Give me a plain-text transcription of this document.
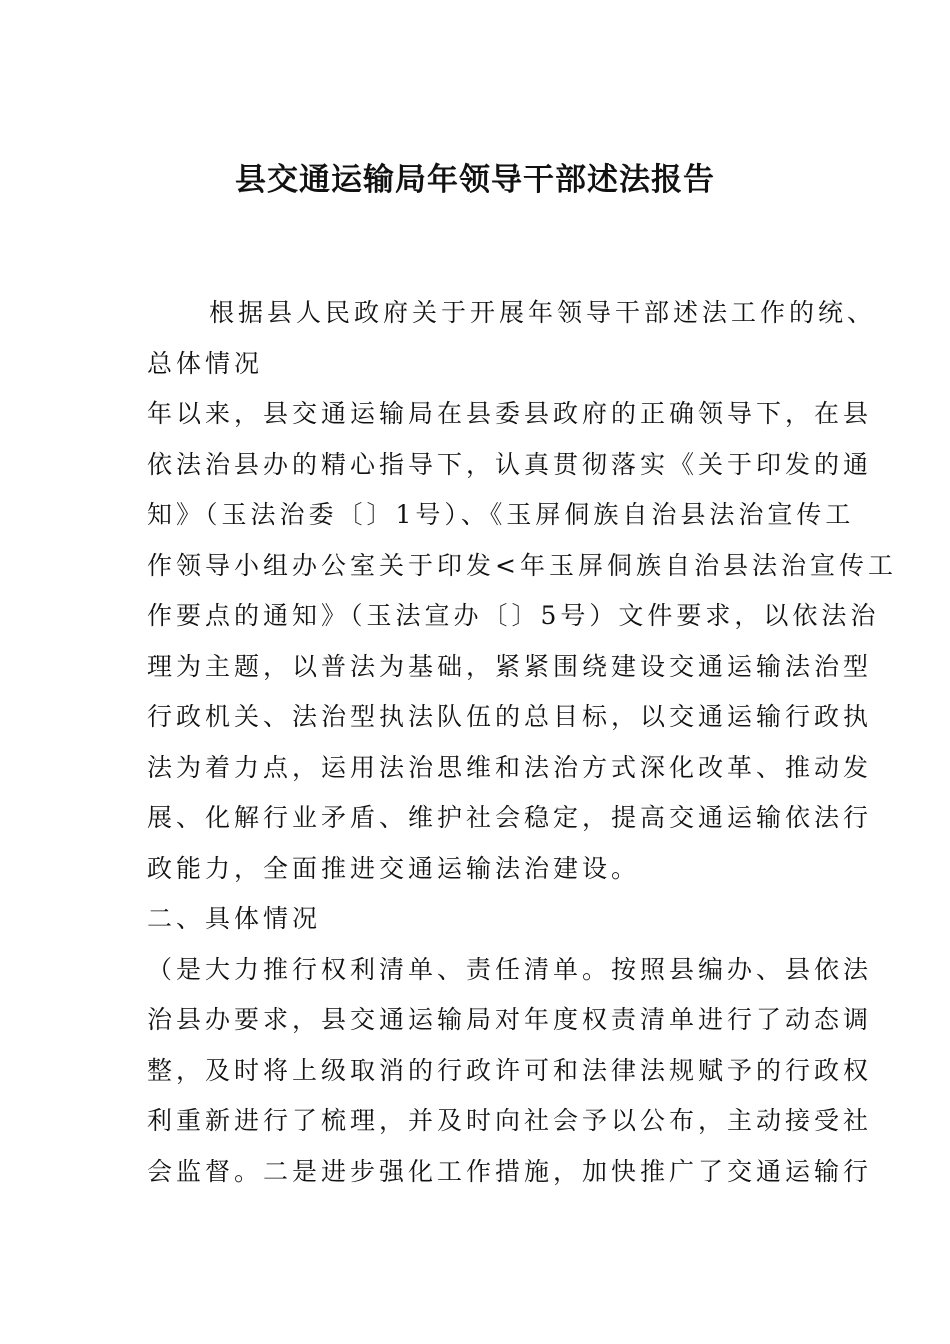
县交通运输局年领导干部述法报告
根据县人民政府关于开展年领导干部述法工作的统、
总体情况
年以来，县交通运输局在县委县政府的正确领导下，在县
依法治县办的精心指导下，认真贯彻落实《关于印发的通
知》（玉法治委〔〕1号）、《玉屏侗族自治县法治宣传工
作领导小组办公室关于印发<年玉屏侗族自治县法治宣传工
作要点的通知》（玉法宣办〔〕5号）文件要求，以依法治
理为主题，以普法为基础，紧紧围绕建设交通运输法治型
行政机关、法治型执法队伍的总目标，以交通运输行政执
法为着力点，运用法治思维和法治方式深化改革、推动发
展、化解行业矛盾、维护社会稳定，提高交通运输依法行
政能力，全面推进交通运输法治建设。
二、具体情况
（是大力推行权利清单、责任清单。按照县编办、县依法
治县办要求，县交通运输局对年度权责清单进行了动态调
整，及时将上级取消的行政许可和法律法规赋予的行政权
利重新进行了梳理，并及时向社会予以公布，主动接受社
会监督。二是进步强化工作措施，加快推广了交通运输行
